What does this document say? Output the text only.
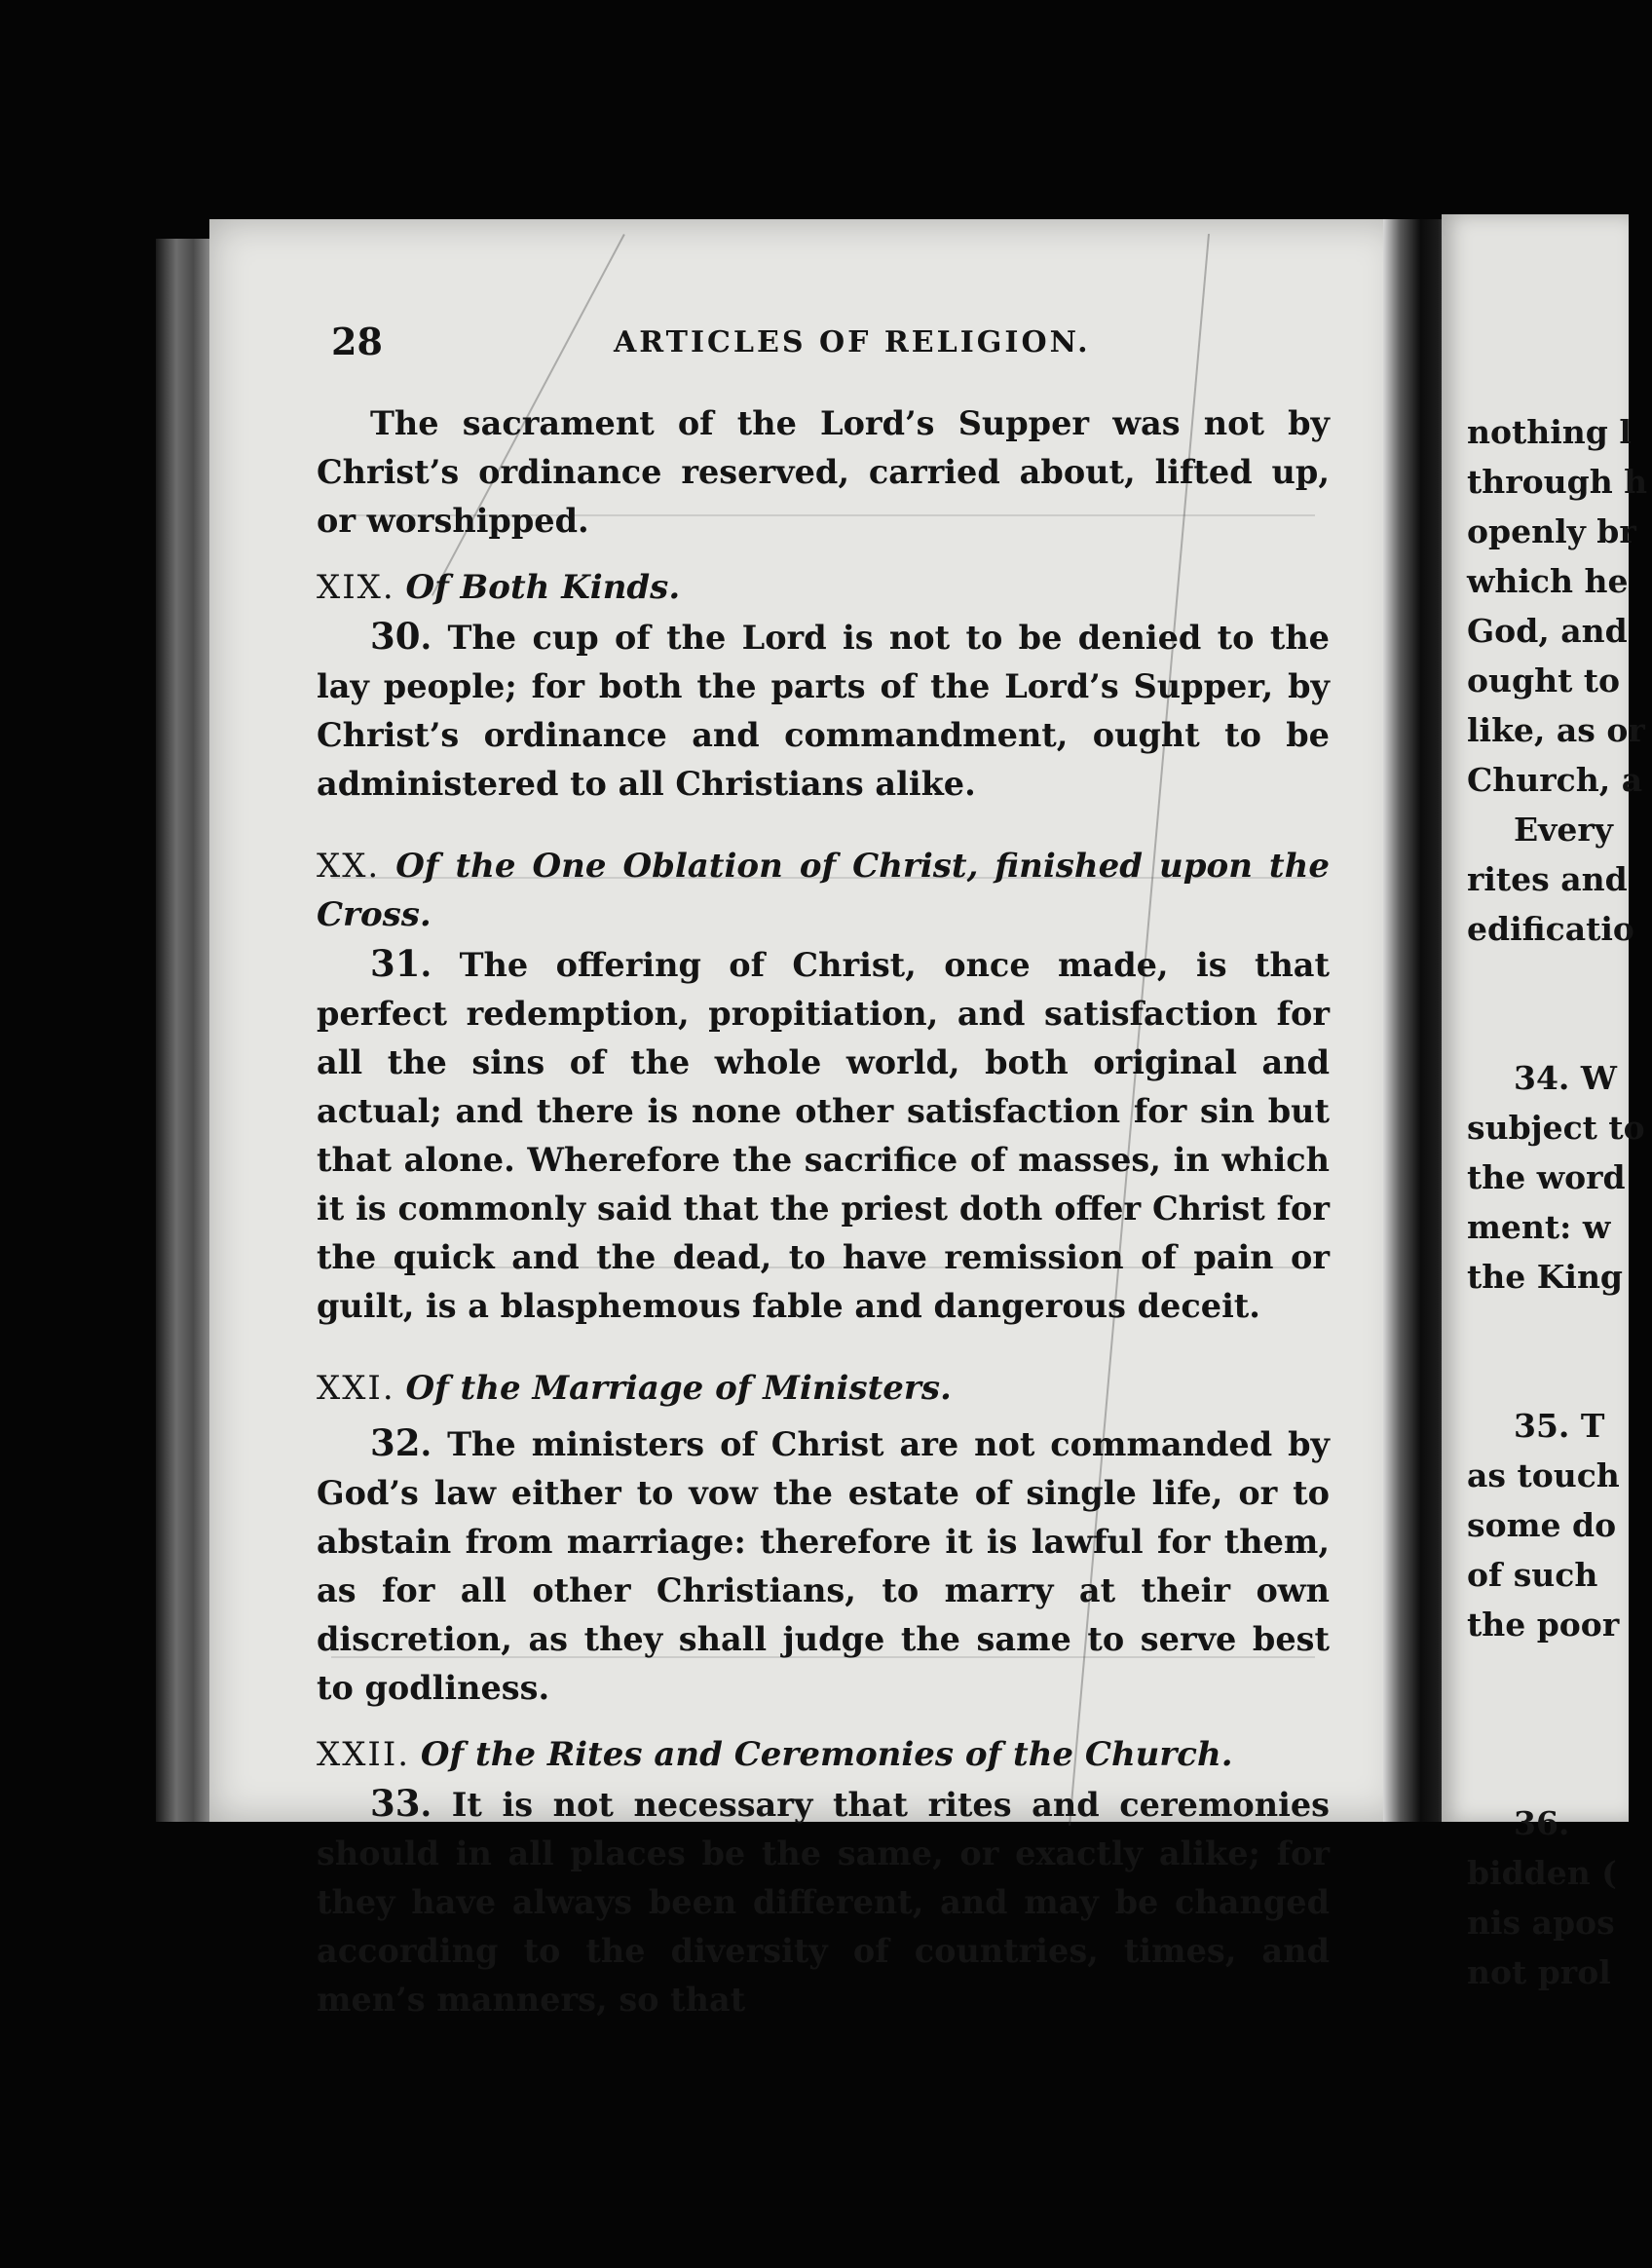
28	ARTICLES OF RELIGION.

The sacrament of the Lord’s Supper was not by Christ’s ordinance reserved, carried about, lifted up, or worshipped.

XIX. Of Both Kinds.

30. The cup of the Lord is not to be denied to the lay people; for both the parts of the Lord’s Supper, by Christ’s ordinance and commandment, ought to be administered to all Christians alike.

XX. Of the One Oblation of Christ, finished upon the Cross.

31. The offering of Christ, once made, is that perfect redemption, propitiation, and satisfaction for all the sins of the whole world, both original and actual; and there is none other satisfaction for sin but that alone. Wherefore the sacrifice of masses, in which it is commonly said that the priest doth offer Christ for the quick and the dead, to have remission of pain or guilt, is a blasphemous fable and dangerous deceit.

XXI. Of the Marriage of Ministers.

32. The ministers of Christ are not commanded by God’s law either to vow the estate of single life, or to abstain from marriage: therefore it is lawful for them, as for all other Christians, to marry at their own discretion, as they shall judge the same to serve best to godliness.

XXII. Of the Rites and Ceremonies of the Church.

33. It is not necessary that rites and ceremonies should in all places be the same, or exactly alike; for they have always been different, and may be changed according to the diversity of countries, times, and men’s manners, so that

nothing l
through h
openly br
which he
God, and
ought to
like, as or
Church, a
Every
rites and
edificatio
34. W
subject to
the word
ment: w
the King
35. T
as touch
some do
of such
the poor
36.
bidden (
nis apos
not prol
